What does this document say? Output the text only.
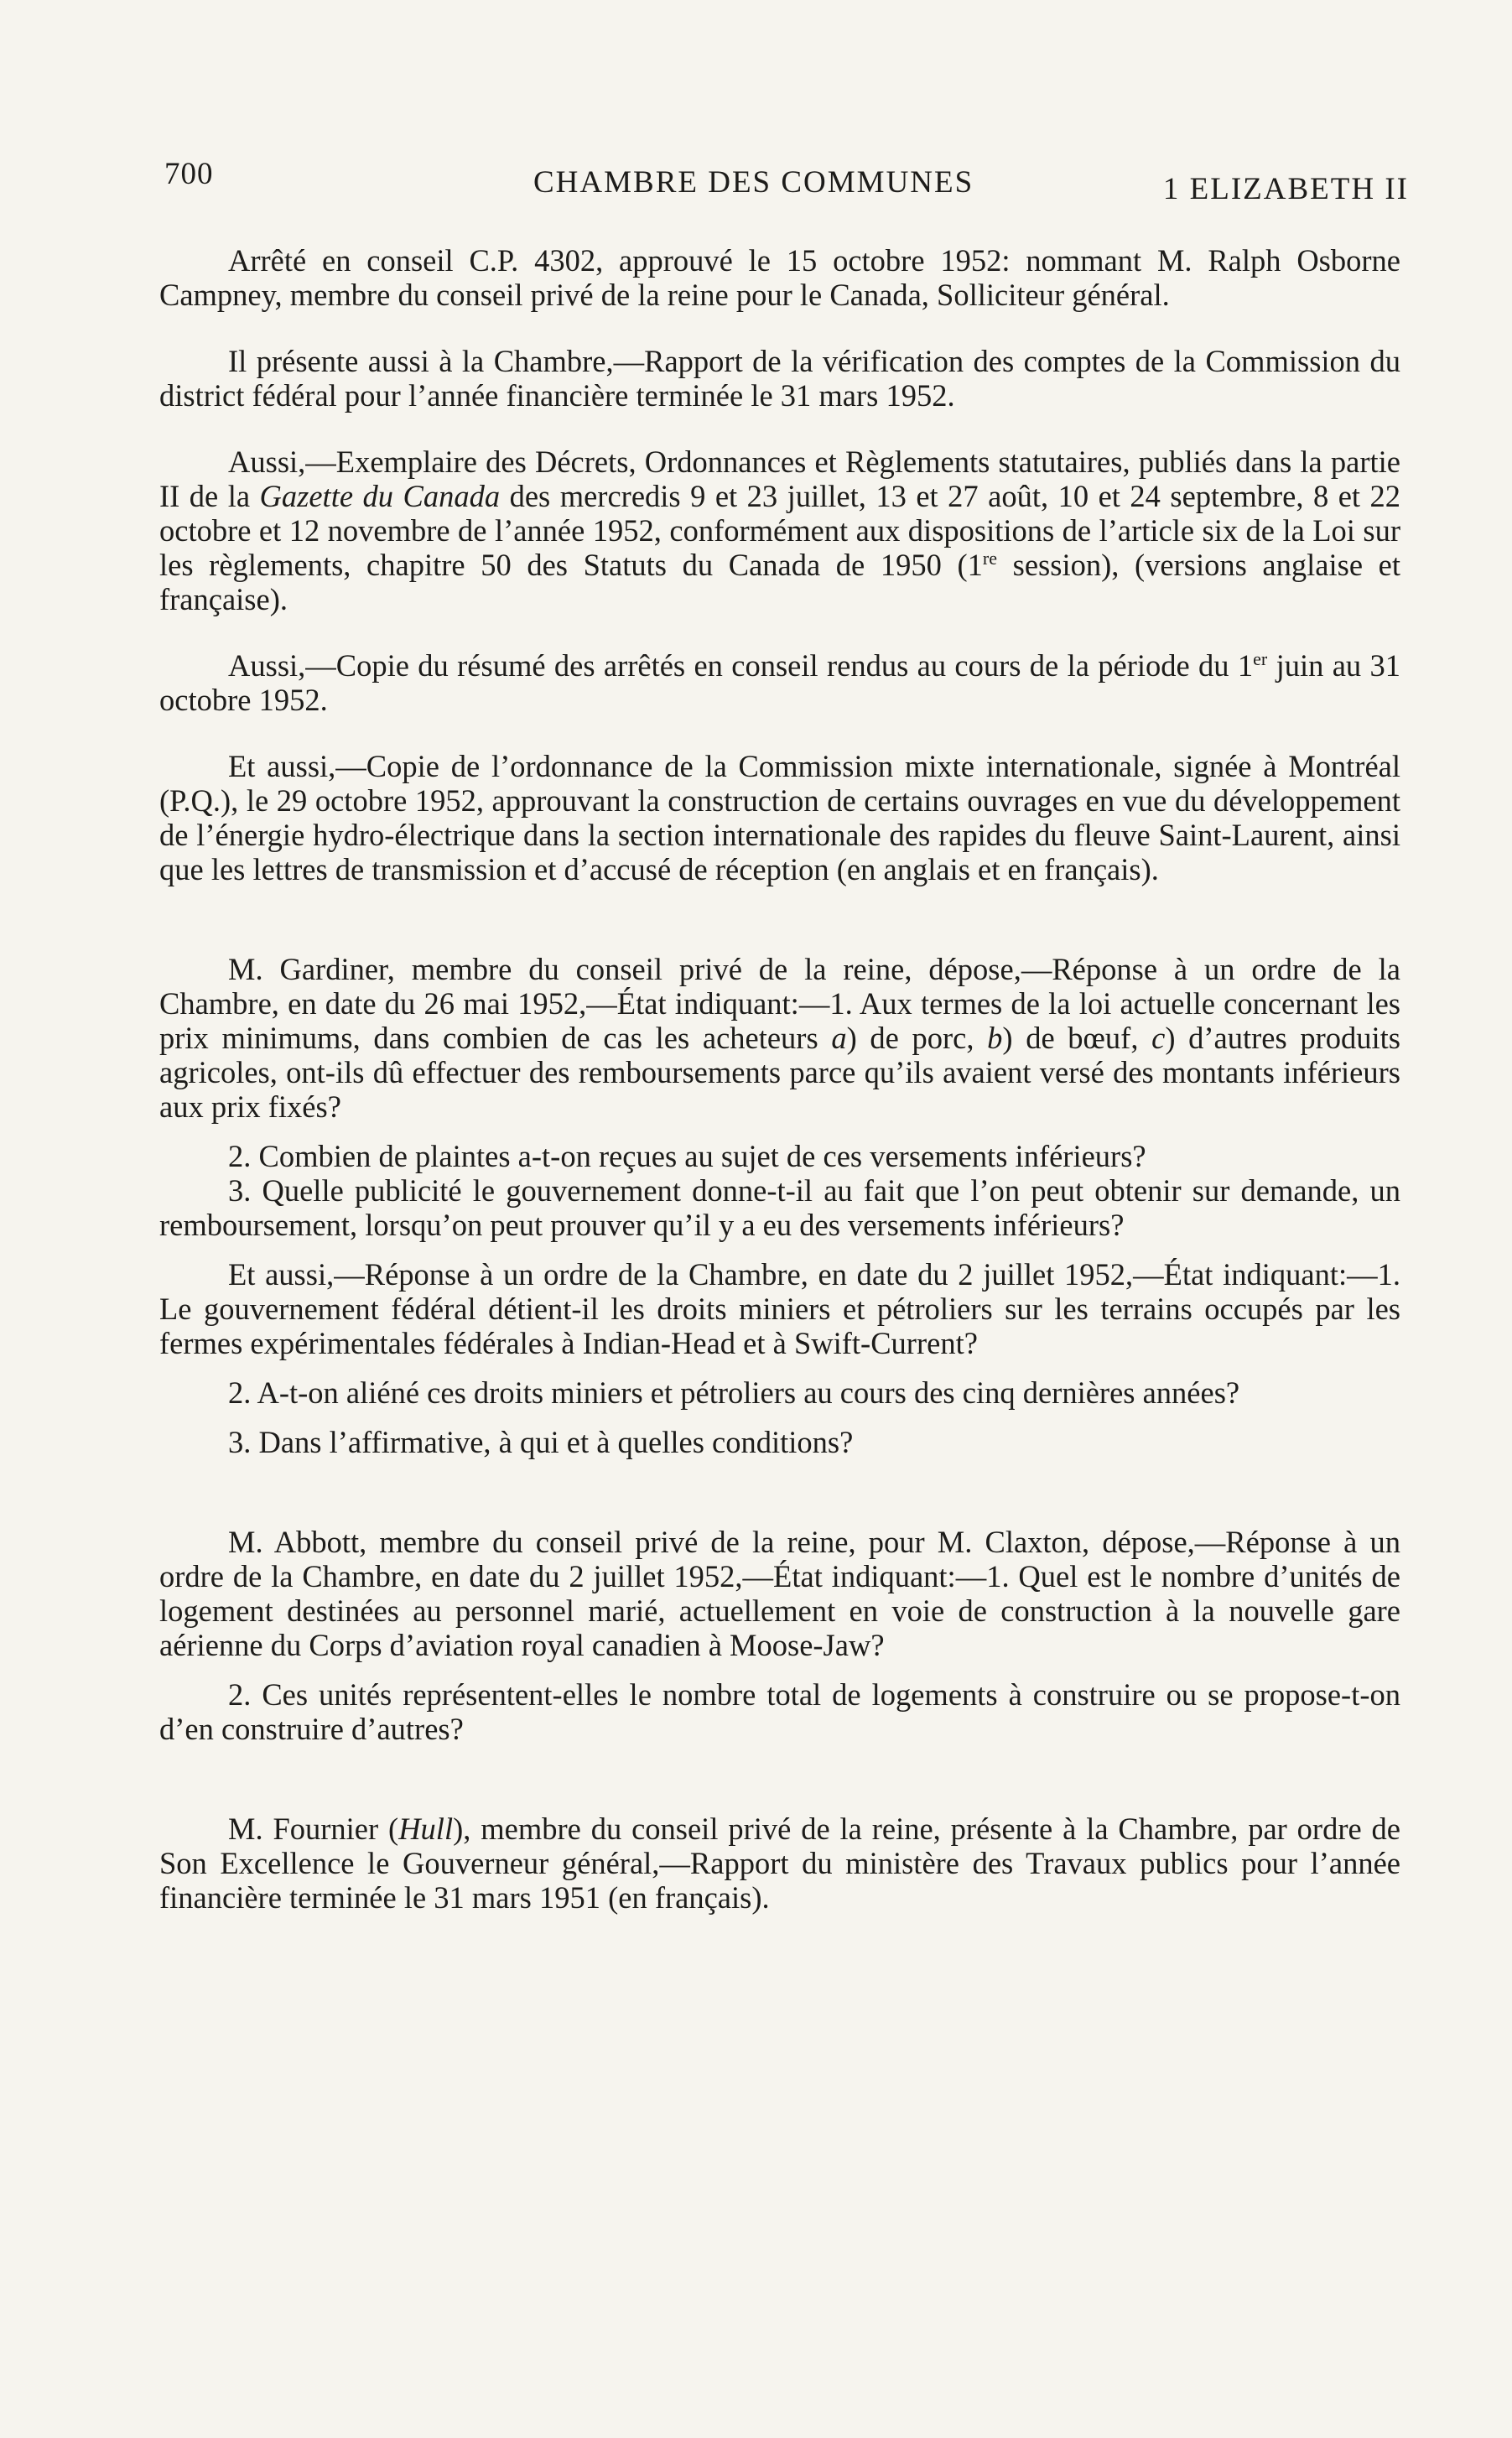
700	CHAMBRE DES COMMUNES	1 ELIZABETH II

Arrêté en conseil C.P. 4302, approuvé le 15 octobre 1952: nommant M. Ralph Osborne Campney, membre du conseil privé de la reine pour le Canada, Solliciteur général.

Il présente aussi à la Chambre,—Rapport de la vérification des comptes de la Commission du district fédéral pour l’année financière terminée le 31 mars 1952.

Aussi,—Exemplaire des Décrets, Ordonnances et Règlements statutaires, publiés dans la partie II de la Gazette du Canada des mercredis 9 et 23 juillet, 13 et 27 août, 10 et 24 septembre, 8 et 22 octobre et 12 novembre de l’année 1952, conformément aux dispositions de l’article six de la Loi sur les règlements, chapitre 50 des Statuts du Canada de 1950 (1re session), (versions anglaise et française).

Aussi,—Copie du résumé des arrêtés en conseil rendus au cours de la période du 1er juin au 31 octobre 1952.

Et aussi,—Copie de l’ordonnance de la Commission mixte internationale, signée à Montréal (P.Q.), le 29 octobre 1952, approuvant la construction de certains ouvrages en vue du développement de l’énergie hydro-électrique dans la section internationale des rapides du fleuve Saint-Laurent, ainsi que les lettres de transmission et d’accusé de réception (en anglais et en français).

M. Gardiner, membre du conseil privé de la reine, dépose,—Réponse à un ordre de la Chambre, en date du 26 mai 1952,—État indiquant:—1. Aux termes de la loi actuelle concernant les prix minimums, dans combien de cas les acheteurs a) de porc, b) de bœuf, c) d’autres produits agricoles, ont-ils dû effectuer des remboursements parce qu’ils avaient versé des montants inférieurs aux prix fixés?

2. Combien de plaintes a-t-on reçues au sujet de ces versements inférieurs?

3. Quelle publicité le gouvernement donne-t-il au fait que l’on peut obtenir sur demande, un remboursement, lorsqu’on peut prouver qu’il y a eu des versements inférieurs?

Et aussi,—Réponse à un ordre de la Chambre, en date du 2 juillet 1952,—État indiquant:—1. Le gouvernement fédéral détient-il les droits miniers et pétroliers sur les terrains occupés par les fermes expérimentales fédérales à Indian-Head et à Swift-Current?

2. A-t-on aliéné ces droits miniers et pétroliers au cours des cinq dernières années?

3. Dans l’affirmative, à qui et à quelles conditions?

M. Abbott, membre du conseil privé de la reine, pour M. Claxton, dépose,—Réponse à un ordre de la Chambre, en date du 2 juillet 1952,—État indiquant:—1. Quel est le nombre d’unités de logement destinées au personnel marié, actuellement en voie de construction à la nouvelle gare aérienne du Corps d’aviation royal canadien à Moose-Jaw?

2. Ces unités représentent-elles le nombre total de logements à construire ou se propose-t-on d’en construire d’autres?

M. Fournier (Hull), membre du conseil privé de la reine, présente à la Chambre, par ordre de Son Excellence le Gouverneur général,—Rapport du ministère des Travaux publics pour l’année financière terminée le 31 mars 1951 (en français).
